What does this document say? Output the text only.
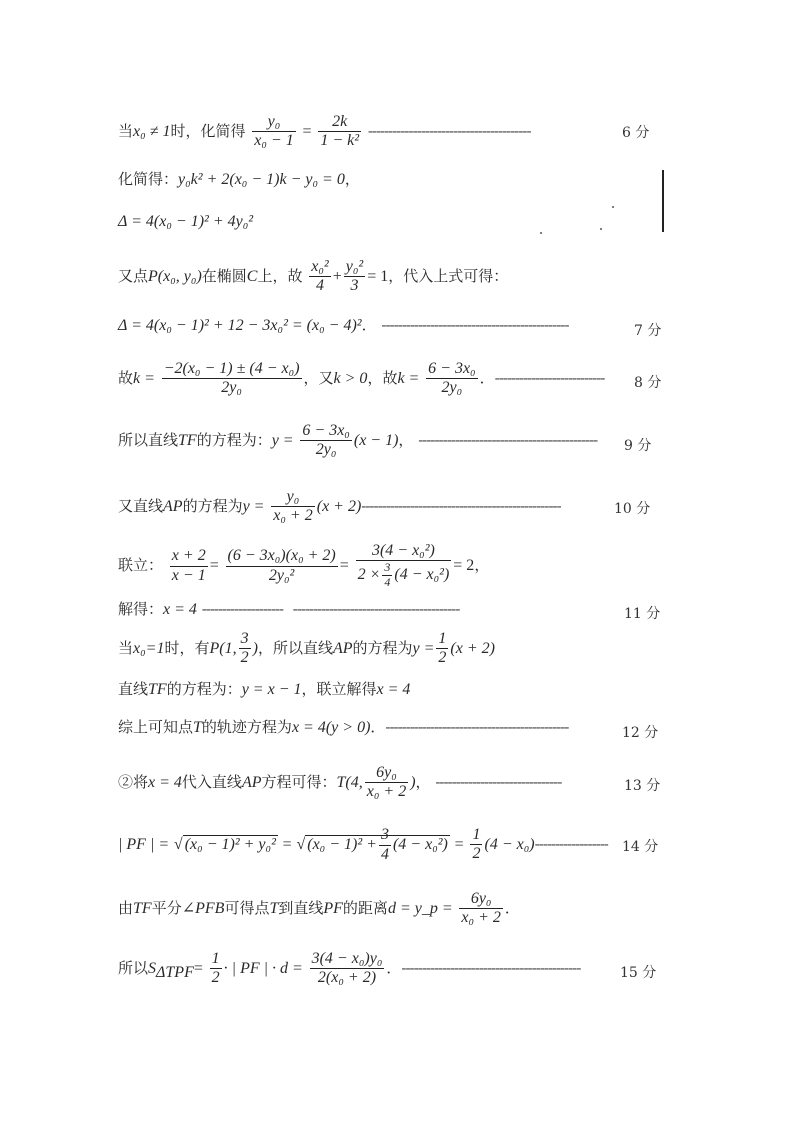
当x₀ ≠ 1时，化简得 $\frac{\text{y₀}}{\text{x₀ − 1}} = \frac{2k}{\text{1 − k²}}$ ----------------------------------------	6 分
化简得：y₀k² + 2(x₀ − 1)k − y₀ = 0，
Δ = 4(x₀ − 1)² + 4y₀²
又点P(x₀, y₀)在椭圆C上，故 $\frac{\text{x₀²}}{4} + \frac{\text{y₀²}}{3} = 1$，代入上式可得：
Δ = 4(x₀ − 1)² + 12 − 3x₀² = (x₀ − 4)²． ----------------------------------------------	7 分
故$k = \frac{\text{−2(x₀ − 1) ± (4 − x₀)}}{\text{2y₀}}$ ，又k > 0，故$k = \frac{\text{6 − 3x₀}}{\text{2y₀}}$ ．--------------------------- 8 分
所以直线TF的方程为：$y = \frac{\text{6 − 3x₀}}{\text{2y₀}} (x - 1)$， -------------------------------------------- 9 分
又直线AP的方程为$y = \frac{\text{y₀}}{\text{x₀ + 2}} (x + 2)-------------------------------------------------$	10 分
联立： $\frac{x + 2}{x - 1} = \frac{\text{(6 − 3x₀)(x₀ + 2)}}{\text{2y₀²}} = \frac{\text{3(4 − x₀²)}}{2 \times \frac{3}{4} (4 - x_0^2)} = 2$，
解得：x = 4 -------------------- -----------------------------------------	11 分
当x₀=1时，有P(1, $\frac{3}{2}$ )，所以直线AP的方程为$y = \frac{1}{2} (x + 2)$
直线TF的方程为：y = x − 1，联立解得x = 4
综上可知点T的轨迹方程为x = 4(y > 0)．---------------------------------------------	12 分
②将x = 4代入直线AP方程可得：T(4, $\frac{\text{6y₀}}{\text{x₀ + 2}}$ )， -------------------------------	13 分
| PF | = √ (x₀ − 1)² + y₀² = √ $(x_0 - 1)^2 + \frac{3}{4} (4 - x_0^2) = \frac{1}{2} (4 - x_0)------------------$ 14 分
由TF平分∠PFB可得点T到直线PF的距离d = y_p = $\frac{\text{6y₀}}{\text{x₀ + 2}}$ ．
所以$S_{\Delta TPF}= \frac{1}{2}$ · | PF | · $d = \frac{\text{3(4 − x₀)y₀}}{\text{2(x₀ + 2)}}$ ．--------------------------------------------	15 分
